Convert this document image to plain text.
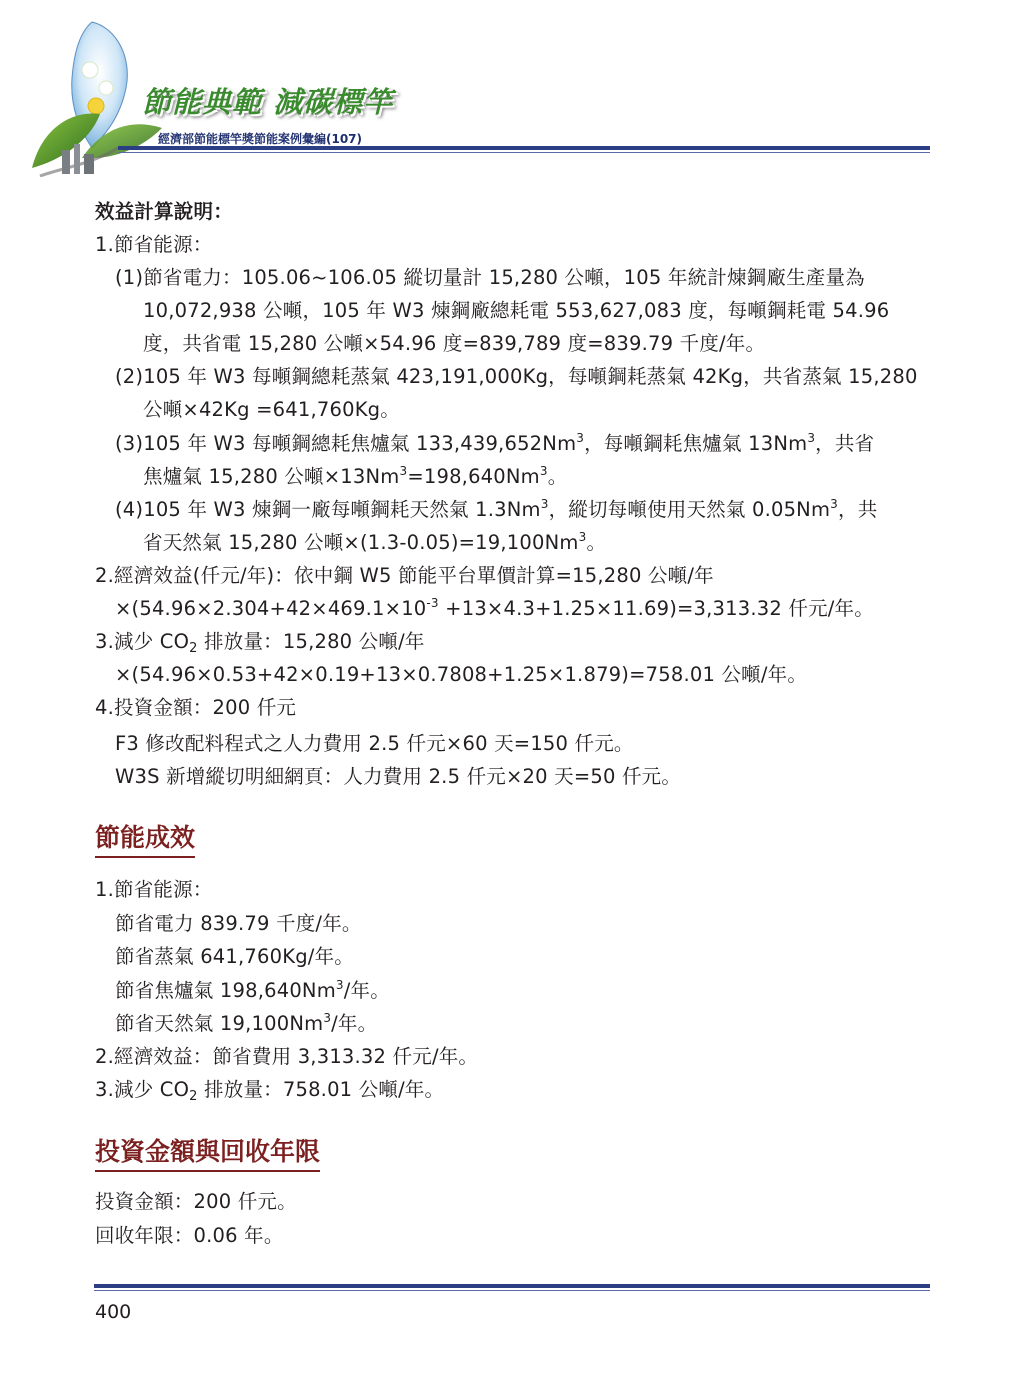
節能典範 減碳標竿
經濟部節能標竿獎節能案例彙編(107)
效益計算說明：
1.節省能源：
(1)節省電力：105.06~106.05 縱切量計 15,280 公噸，105 年統計煉鋼廠生產量為
10,072,938 公噸，105 年 W3 煉鋼廠總耗電 553,627,083 度，每噸鋼耗電 54.96
度，共省電 15,280 公噸×54.96 度=839,789 度=839.79 千度/年。
(2)105 年 W3 每噸鋼總耗蒸氣 423,191,000Kg，每噸鋼耗蒸氣 42Kg，共省蒸氣 15,280
公噸×42Kg =641,760Kg。
(3)105 年 W3 每噸鋼總耗焦爐氣 133,439,652Nm$^3$，每噸鋼耗焦爐氣 13Nm$^3$，共省
焦爐氣 15,280 公噸$\times 13Nm^3=198,640Nm^3$。
(4)105 年 W3 煉鋼一廠每噸鋼耗天然氣 1.3Nm$^3$，縱切每噸使用天然氣 0.05Nm$^3$，共
省天然氣 15,280 公噸$\times(1.3-0.05)=19,100Nm^3$。
2.經濟效益(仟元/年)：依中鋼 W5 節能平台單價計算=15,280 公噸/年
$\times(54.96\times 2.304+42\times 469.1\times 10^{-3} +13\times 4.3+1.25\times 11.69)=3,313.32$ 仟元/年。
3.減少 $CO_2$ 排放量：15,280 公噸/年
×(54.96×0.53+42×0.19+13×0.7808+1.25×1.879)=758.01 公噸/年。
4.投資金額：200 仟元
F3 修改配料程式之人力費用 2.5 仟元×60 天=150 仟元。
W3S 新增縱切明細網頁：人力費用 2.5 仟元×20 天=50 仟元。
節能成效
1.節省能源：
節省電力 839.79 千度/年。
節省蒸氣 641,760Kg/年。
節省焦爐氣 198,640Nm$^3$/年。
節省天然氣 19,100Nm$^3$/年。
2.經濟效益：節省費用 3,313.32 仟元/年。
3.減少 $CO_2$ 排放量：758.01 公噸/年。
投資金額與回收年限
投資金額：200 仟元。
回收年限：0.06 年。
400
